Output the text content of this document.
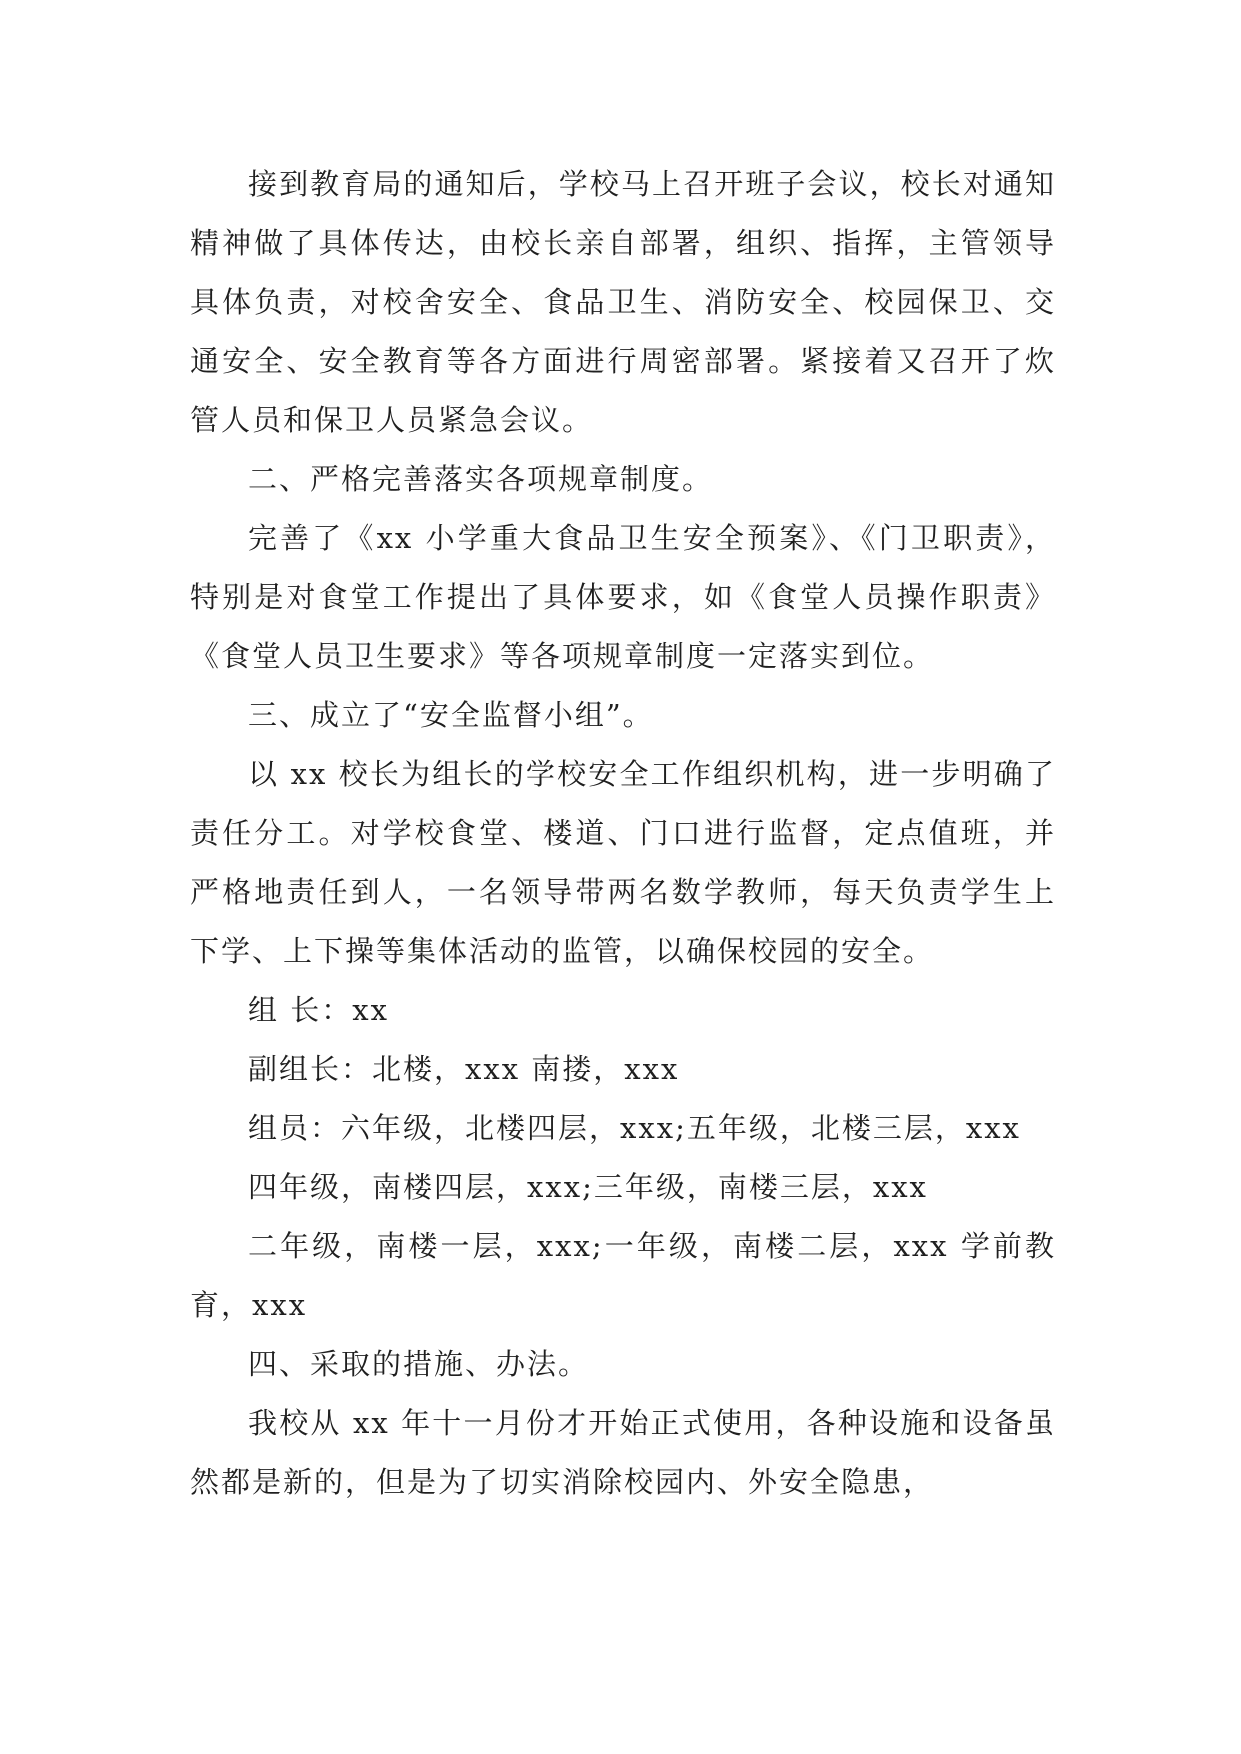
接到教育局的通知后，学校马上召开班子会议，校长对通知精神做了具体传达，由校长亲自部署，组织、指挥，主管领导具体负责，对校舍安全、食品卫生、消防安全、校园保卫、交通安全、安全教育等各方面进行周密部署。紧接着又召开了炊管人员和保卫人员紧急会议。

二、严格完善落实各项规章制度。

完善了《xx 小学重大食品卫生安全预案》、《门卫职责》，特别是对食堂工作提出了具体要求，如《食堂人员操作职责》《食堂人员卫生要求》等各项规章制度一定落实到位。

三、成立了“安全监督小组”。

以 xx 校长为组长的学校安全工作组织机构，进一步明确了责任分工。对学校食堂、楼道、门口进行监督，定点值班，并严格地责任到人，一名领导带两名数学教师，每天负责学生上下学、上下操等集体活动的监管，以确保校园的安全。

组 长：xx

副组长：北楼，xxx 南搂，xxx

组员：六年级，北楼四层，xxx;五年级，北楼三层，xxx

四年级，南楼四层，xxx;三年级，南楼三层，xxx

二年级，南楼一层，xxx;一年级，南楼二层，xxx 学前教育，xxx

四、采取的措施、办法。

我校从 xx 年十一月份才开始正式使用，各种设施和设备虽然都是新的，但是为了切实消除校园内、外安全隐患，
